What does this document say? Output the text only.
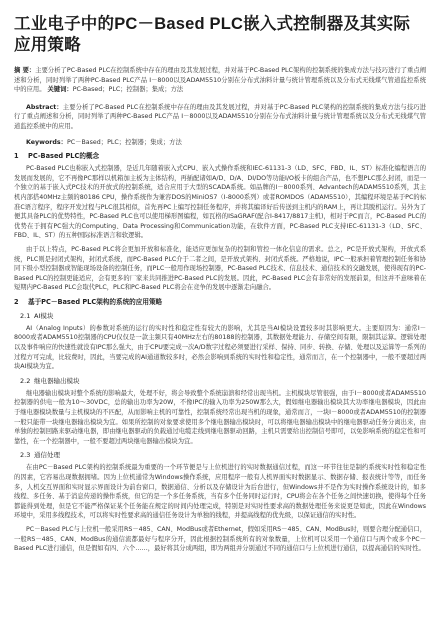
工业电子中的PC－Based PLC嵌入式控制器及其实际应用策略

摘 要：主要分析了PC-Based PLC在控制系统中存在的理由及其发展过程，并对基于PC-Based PLC架构的控制系统的集成方法与技巧进行了重点阐述和分析，同时列举了两种PC-Based PLC产品 I－8000以及ADAM5510分别在分布式油料计量与统计管理系统以及分布式无线煤气管道监控系统中的应用。 关键词：PC-Based；PLC；控制器；集成；方法

Abstract：主要分析了PC-Based PLC在控制系统中存在的理由及其发展过程，并对基于PC-Based PLC架构的控制系统的集成方法与技巧进行了重点阐述和分析，同时列举了两种PC-Based PLC产品 I－8000以及ADAM5510分别在分布式油料计量与统计管理系统以及分布式无线煤气管道监控系统中的应用。

Keywords：PC－Based；PLC；控制器；集成；方法

1 PC-Based PLC的概念

PC-Based PLC也称嵌入式控制器，是近几年随着嵌入式CPU、嵌入式操作系统和IEC-61131-3（LD、SFC、FBD、IL、ST）标准化编程语言的发展而发展的，它不再像PC那样以机箱加主板为主体结构，再插配诸如A/D、D/A、DI/DO等功能I/O板卡的组合产品，也不想PLC那么封闭，而是一个独立的基于嵌入式PC技术的开放式的控制系统，适合应用于大型的SCADA系统。如品牌的I－8000系列、Advantech的ADAM5510系列，其主机内部搭40MHz主频的80186 CPU，操作系统作为兼容DOS的MiniOS7（I-8000系列）或者ROMDOS（ADAM5510），其编程环境是基于PC的标准C语言程序，程序开发过程与PLC很其相似，首先再PC上编写控制任务程序，并将其编译好后传送到主机内的RAM上，再让其脱机运行。另外为了便其具备PLC的优势特性，PC-Based PLC也可以使用梯形图编程，如瓦格的ISaGRAF(配合I-8417/8817主机)，相对于PC而言，PC-Based PLC的优势在于拥有PC强大的Computing、Data Processing和Communication功能，在软件方面，PC-Based PLC支持IEC-61131-3（LD、SFC、FBD、IL、ST）的五种国际标准语言和软逻辑。

由于以上特点，PC-Based PLC将会更加开放和标准化，能适应更加复杂的控制和管控一体化信息的需求。总之，PC是开放式架构，开放式系统，PLC则是封闭式架构，封闭式系统，而PC-Based PLC介于二者之间，是开放式架构、封闭式系统。严格地说，IPC一般承担着管理控制任务和协同下级小型控制器或智能现场设备的控制任务，而PLC一般用作现场控制器，PC-Based PLC技术、信息技术、通信技术的交融发展，使得现有的PC-Based PLC的控制更能适应，会有更多的厂家来共同推进PC-Based PLC的发展。因此，PC-Based PLC会有非常好的发展前景，但这并不意味着在短期内PC-Based PLC会取代PLC，PLC和PC-Based PLC将会在竞争的发展中逐渐走向融合。

2 基于PC－Based PLC架构的系统的应用策略
2.1 AI模块

AI（Analog Inputs）的参数对系统的运行的实时性和稳定性有较大的影响，尤其是当AI模块设置较多时其影响更大。主要原因为：通常I－8000或者ADAM5510控制器的CPU仅仅是一款主频只有40MHz左右的80188的控制器，其数据处理能力、存储空间有限，限制其运算。逻辑处理以及事件响应的快速性就没有IPC那么强大，由于CPU要完成一次A/D数字过程必须要进行采样、保持、同步、转换、存储、处理以及运算等一系列的过程方可完成，比较费时，因此，当要完成的AI通道数较多时，必然会影响到系统的实时性和稳定性，通常而言，在一个控制器中，一般不要超过两块AI模块为宜。

2.2 继电器输出模块

继电器输出模块对整个系统的影响最大，处理不好，将会导致整个系统崩溃和经常出现当机。主机模块尽管很强，由于I－8000或者ADAM5510控制器的供电一般为10～30VDC，总的输出功率为20W，不像IPC的输入功率为250W那么大，假如继电器输出模块其大功率继电器模块，因此由于继电器模块数量与主机模块的不匹配，从而影响主机的可靠性，控制系统经常出现当机的现象，通常而言，一块I－8000或者ADAM5510的控制器一般只能带一块继电器输出模块为宜。如果所控制的对象要求使用多个继电器输出模块时，可以将继电器输出模块中的继电器驱动任务分离出来，由单独的控制回路来驱动继电器，即由继电器驱动的负载通过电缆走线到继电器驱动回路，主机只需要给出控制信号即可，以免影响系统的稳定性和可靠性，在一个控制器中，一般不要超过两块继电器输出模块为宜。

2.3 通信处理

在由PC－Based PLC架构的控制系统最为重要的一个环节便是与上位机进行的实时数据通信过程，而这一环节往往是制约系统实时性和稳定性的因素，它容易出现数据拥堵。因为上位机通常为Windows操作系统，应用程序一般有人机界面实时数据显示、数据存储、报表统计等等，而任务多，人机交互界面和实时显示界面设计为前台窗口，数据通信、分析以及存储设计为后台进行，但Windows并不是作为实时操作系统设计的，如多线程、多任务、基于消息传递的操作系统，但它的是一个多任务系统，当有多个任务同时运行时，CPU将会在各个任务之间快速切换，使得每个任务都能得到处理，但是它不能严格保证某个任务能在规定的时间内处理完成，特别是对实时性要求高的数据处理任务来说更是如此，因此在Windows环境中，采用多线程技术，可以将实时性要求高的通信任务设计为单独的线程，并提高线程的优先级，以保证通信的实时性。

PC－Based PLC与上位机一般采用RS－485、CAN、ModBus或者Ethernet，假如采用RS－485、CAN、ModBus时，则要合理分配通信口，一般RS－485、CAN、ModBus的通信流都最好与程序分开，因此根据控制系统所有的对象数量，上位机可以采用一个通信口与两个或多个PC－Based PLC进行通信，但是假如有四、六个……，最好将其分成两组，即为两组并分别通过不同的通信口与上位机进行通信，以提高通信的实时性。
